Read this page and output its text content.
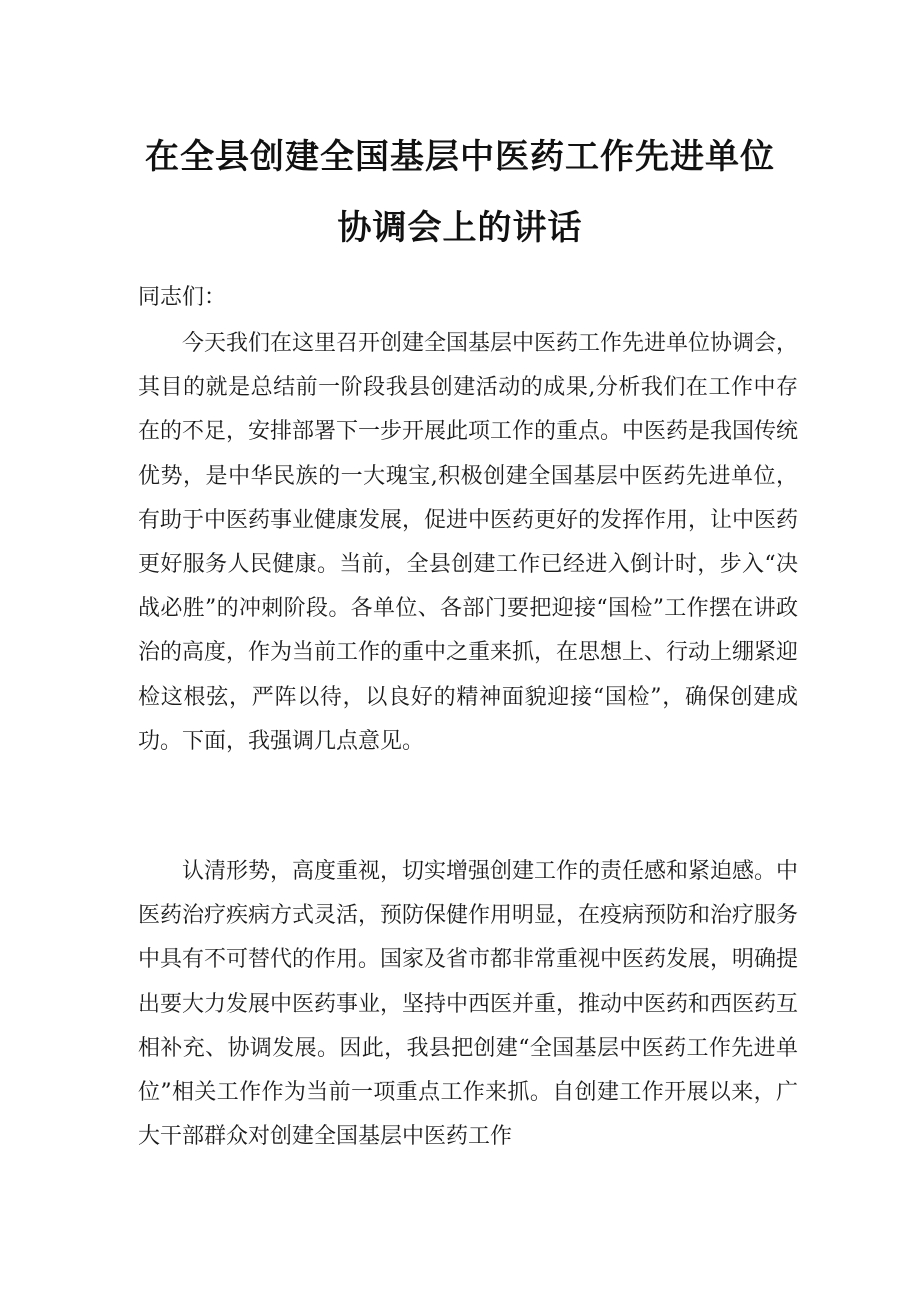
在全县创建全国基层中医药工作先进单位
协调会上的讲话
同志们：

今天我们在这里召开创建全国基层中医药工作先进单位协调会，其目的就是总结前一阶段我县创建活动的成果,分析我们在工作中存在的不足，安排部署下一步开展此项工作的重点。中医药是我国传统优势，是中华民族的一大瑰宝,积极创建全国基层中医药先进单位，有助于中医药事业健康发展，促进中医药更好的发挥作用，让中医药更好服务人民健康。当前，全县创建工作已经进入倒计时，步入“决战必胜”的冲刺阶段。各单位、各部门要把迎接“国检”工作摆在讲政治的高度，作为当前工作的重中之重来抓，在思想上、行动上绷紧迎检这根弦，严阵以待，以良好的精神面貌迎接“国检”，确保创建成功。下面，我强调几点意见。

认清形势，高度重视，切实增强创建工作的责任感和紧迫感。中医药治疗疾病方式灵活，预防保健作用明显，在疫病预防和治疗服务中具有不可替代的作用。国家及省市都非常重视中医药发展，明确提出要大力发展中医药事业，坚持中西医并重，推动中医药和西医药互相补充、协调发展。因此，我县把创建“全国基层中医药工作先进单位”相关工作作为当前一项重点工作来抓。自创建工作开展以来，广大干部群众对创建全国基层中医药工作
